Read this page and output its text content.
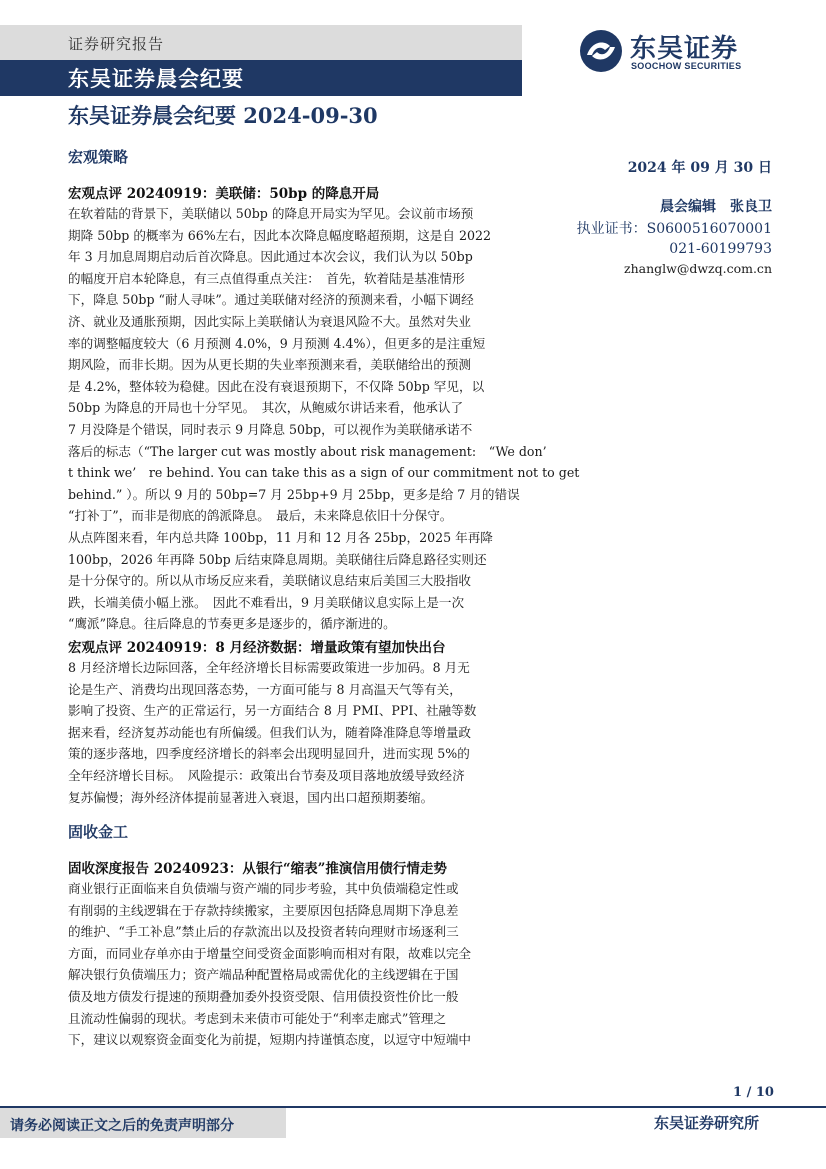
证券研究报告
东吴证券晨会纪要
东吴证券
SOOCHOW SECURITIES
东吴证券晨会纪要 2024-09-30
2024 年 09 月 30 日
晨会编辑　张良卫
执业证书：S0600516070001
021-60199793
zhanglw@dwzq.com.cn
宏观策略
宏观点评 20240919：美联储：50bp 的降息开局
在软着陆的背景下，美联储以 50bp 的降息开局实为罕见。会议前市场预
期降 50bp 的概率为 66%左右，因此本次降息幅度略超预期，这是自 2022
年 3 月加息周期启动后首次降息。因此通过本次会议，我们认为以 50bp
的幅度开启本轮降息，有三点值得重点关注：　首先，软着陆是基准情形
下，降息 50bp “耐人寻味”。通过美联储对经济的预测来看，小幅下调经
济、就业及通胀预期，因此实际上美联储认为衰退风险不大。虽然对失业
率的调整幅度较大（6 月预测 4.0%，9 月预测 4.4%），但更多的是注重短
期风险，而非长期。因为从更长期的失业率预测来看，美联储给出的预测
是 4.2%，整体较为稳健。因此在没有衰退预期下，不仅降 50bp 罕见，以
50bp 为降息的开局也十分罕见。　其次，从鲍威尔讲话来看，他承认了
7 月没降是个错误，同时表示 9 月降息 50bp，可以视作为美联储承诺不
落后的标志（“The larger cut was mostly about risk management:　“We don’
t think we’　re behind. You can take this as a sign of our commitment not to get
behind.” ）。所以 9 月的 50bp=7 月 25bp+9 月 25bp，更多是给 7 月的错误
“打补丁”，而非是彻底的鸽派降息。　最后，未来降息依旧十分保守。
从点阵图来看，年内总共降 100bp，11 月和 12 月各 25bp，2025 年再降
100bp，2026 年再降 50bp 后结束降息周期。美联储往后降息路径实则还
是十分保守的。所以从市场反应来看，美联储议息结束后美国三大股指收
跌，长端美债小幅上涨。　因此不难看出，9 月美联储议息实际上是一次
“鹰派”降息。往后降息的节奏更多是逐步的，循序渐进的。
宏观点评 20240919：8 月经济数据：增量政策有望加快出台
8 月经济增长边际回落，全年经济增长目标需要政策进一步加码。8 月无
论是生产、消费均出现回落态势，一方面可能与 8 月高温天气等有关，
影响了投资、生产的正常运行，另一方面结合 8 月 PMI、PPI、社融等数
据来看，经济复苏动能也有所偏缓。但我们认为，随着降准降息等增量政
策的逐步落地，四季度经济增长的斜率会出现明显回升，进而实现 5%的
全年经济增长目标。　风险提示：政策出台节奏及项目落地放缓导致经济
复苏偏慢；海外经济体提前显著进入衰退，国内出口超预期萎缩。
固收金工
固收深度报告 20240923：从银行“缩表”推演信用债行情走势
商业银行正面临来自负债端与资产端的同步考验，其中负债端稳定性或
有削弱的主线逻辑在于存款持续搬家，主要原因包括降息周期下净息差
的维护、“手工补息”禁止后的存款流出以及投资者转向理财市场逐利三
方面，而同业存单亦由于增量空间受资金面影响而相对有限，故难以完全
解决银行负债端压力；资产端品种配置格局或需优化的主线逻辑在于国
债及地方债发行提速的预期叠加委外投资受限、信用债投资性价比一般
且流动性偏弱的现状。考虑到未来债市可能处于“利率走廊式”管理之
下，建议以观察资金面变化为前提，短期内持谨慎态度，以逗守中短端中
1 / 10
请务必阅读正文之后的免责声明部分	东吴证券研究所
